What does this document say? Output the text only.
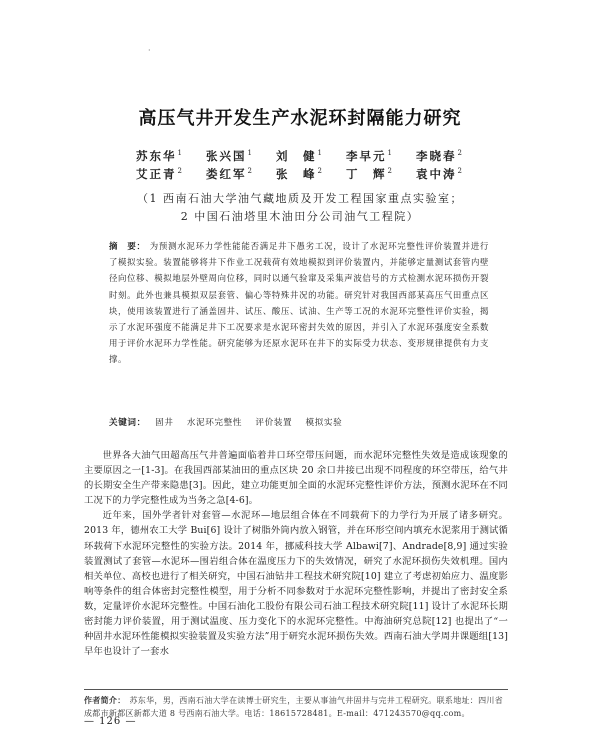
·
高压气井开发生产水泥环封隔能力研究
苏东华$^1$ 张兴国$^1$ 刘　健$^1$ 李早元$^1$ 李晓春$^2$
艾正青$^2$ 娄红军$^2$ 张　峰$^2$ 丁　辉$^2$ 袁中涛$^2$
（1 西南石油大学油气藏地质及开发工程国家重点实验室；
2 中国石油塔里木油田分公司油气工程院）
摘　要： 为预测水泥环力学性能能否满足井下愚劣工况，设计了水泥环完整性评价装置并进行了模拟实验。装置能够将井下作业工况载荷有效地模拟到评价装置内，并能够定量测试套管内壁径向位移、模拟地层外壁周向位移，同时以通气验窜及采集声波信号的方式检测水泥环损伤开裂时刻。此外也兼具模拟双层套管、偏心等特殊井况的功能。研究针对我国西部某高压气田重点区块，使用该装置进行了涵盖固井、试压、酸压、试油、生产等工况的水泥环完整性评价实验，揭示了水泥环强度不能满足井下工况要求是水泥环密封失效的原因，并引入了水泥环强度安全系数用于评价水泥环力学性能。研究能够为还原水泥环在井下的实际受力状态、变形规律提供有力支撑。
关键词： 固井 水泥环完整性 评价装置 模拟实验

世界各大油气田超高压气井普遍面临着井口环空带压问题，而水泥环完整性失效是造成该现象的主要原因之一[1-3]。在我国西部某油田的重点区块 20 余口井接已出现不同程度的环空带压，给气井的长期安全生产带来隐患[3]。因此，建立功能更加全面的水泥环完整性评价方法，预测水泥环在不同工况下的力学完整性成为当务之急[4-6]。

近年来，国外学者针对套管—水泥环—地层组合体在不同载荷下的力学行为开展了诸多研究。2013 年，德州农工大学 Bui[6] 设计了树脂外筒内放入钢管，并在环形空间内填充水泥浆用于测试循环载荷下水泥环完整性的实验方法。2014 年，挪威科技大学 Albawi[7]、Andrade[8,9] 通过实验装置测试了套管—水泥环—围岩组合体在温度压力下的失效情况，研究了水泥环损伤失效机理。国内相关单位、高校也进行了相关研究，中国石油钻井工程技术研究院[10] 建立了考虑初始应力、温度影响等条件的组合体密封完整性模型，用于分析不同参数对于水泥环完整性影响，并提出了密封安全系数，定量评价水泥环完整性。中国石油化工股份有限公司石油工程技术研究院[11] 设计了水泥环长期密封能力评价装置，用于测试温度、压力变化下的水泥环完整性。中海油研究总院[12] 也提出了“一种固井水泥环性能模拟实验装置及实验方法”用于研究水泥环损伤失效。西南石油大学周井课题组[13] 早年也设计了一套水

作者简介： 苏东华，男，西南石油大学在读博士研究生，主要从事油气井固井与完井工程研究。联系地址：四川省成都市新都区新都大道 8 号西南石油大学。电话：18615728481。E-mail：471243570@qq.com。
— 126 —
